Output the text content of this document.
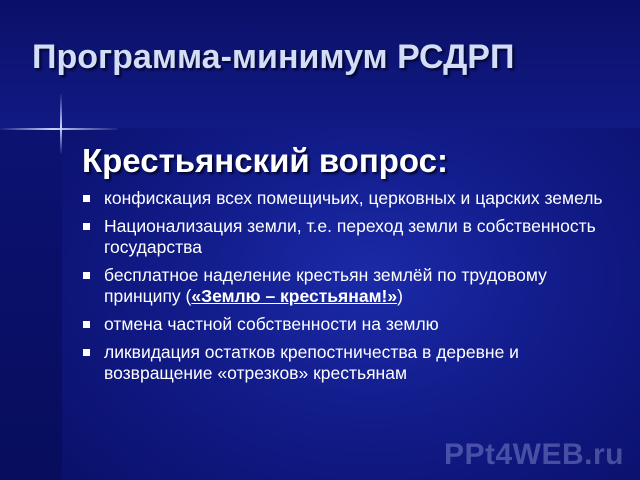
Программа-минимум РСДРП
Крестьянский вопрос:
конфискация всех помещичьих, церковных и царских земель
Национализация земли, т.е. переход земли в собственность государства
бесплатное наделение крестьян землёй по трудовому принципу («Землю – крестьянам!»)
отмена частной собственности на землю
ликвидация остатков крепостничества в деревне и возвращение «отрезков» крестьянам
PPt4WEB.ru
